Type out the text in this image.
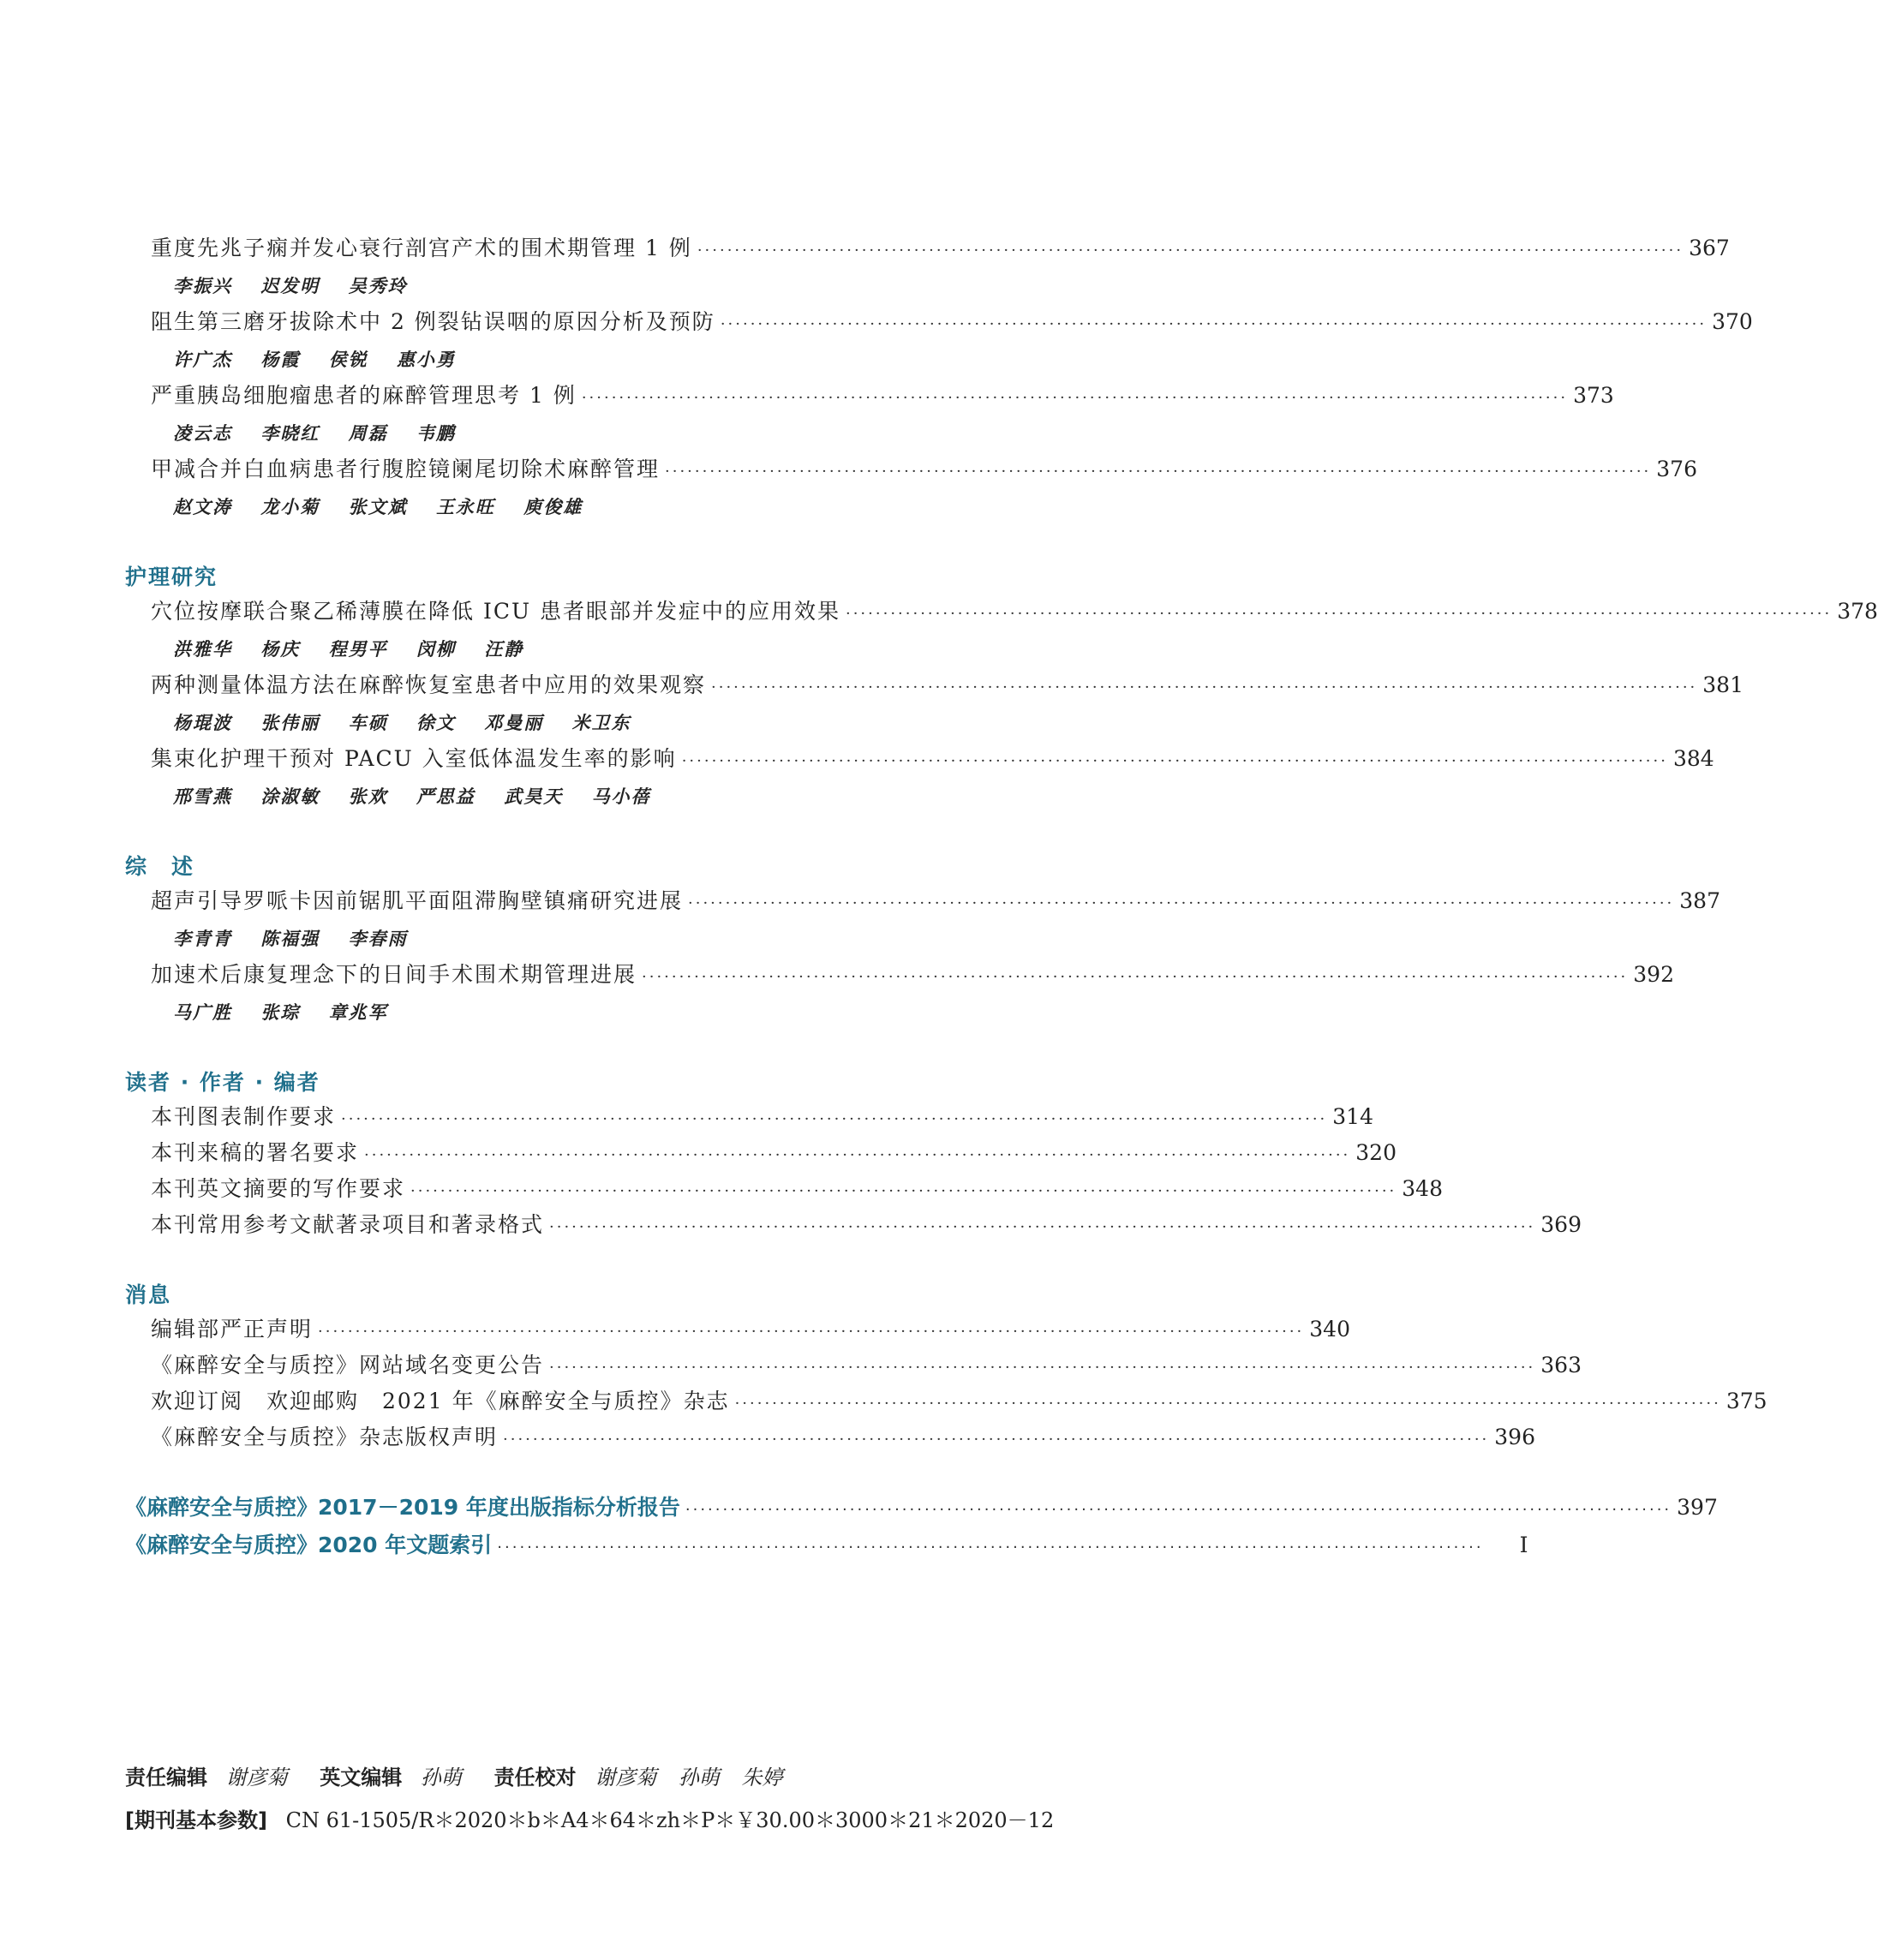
重度先兆子痫并发心衰行剖宫产术的围术期管理 1 例 ···································································································································· 367
李振兴 迟发明 吴秀玲
阻生第三磨牙拔除术中 2 例裂钻误咽的原因分析及预防 ···································································································································· 370
许广杰 杨霞 侯锐 惠小勇
严重胰岛细胞瘤患者的麻醉管理思考 1 例 ···································································································································· 373
凌云志 李晓红 周磊 韦鹏
甲减合并白血病患者行腹腔镜阑尾切除术麻醉管理 ···································································································································· 376
赵文涛 龙小菊 张文斌 王永旺 庾俊雄
护理研究
穴位按摩联合聚乙稀薄膜在降低 ICU 患者眼部并发症中的应用效果 ···································································································································· 378
洪雅华 杨庆 程男平 闵柳 汪静
两种测量体温方法在麻醉恢复室患者中应用的效果观察 ···································································································································· 381
杨琨波 张伟丽 车硕 徐文 邓曼丽 米卫东
集束化护理干预对 PACU 入室低体温发生率的影响 ···································································································································· 384
邢雪燕 涂淑敏 张欢 严思益 武昊天 马小蓓
综　述
超声引导罗哌卡因前锯肌平面阻滞胸壁镇痛研究进展 ···································································································································· 387
李青青 陈福强 李春雨
加速术后康复理念下的日间手术围术期管理进展 ···································································································································· 392
马广胜 张琮 章兆军
读者 · 作者 · 编者
本刊图表制作要求 ···································································································································· 314
本刊来稿的署名要求 ···································································································································· 320
本刊英文摘要的写作要求 ···································································································································· 348
本刊常用参考文献著录项目和著录格式 ···································································································································· 369
消息
编辑部严正声明 ···································································································································· 340
《麻醉安全与质控》网站域名变更公告 ···································································································································· 363
欢迎订阅　欢迎邮购　2021 年《麻醉安全与质控》杂志 ···································································································································· 375
《麻醉安全与质控》杂志版权声明 ···································································································································· 396
《麻醉安全与质控》2017－2019 年度出版指标分析报告 ···································································································································· 397
《麻醉安全与质控》2020 年文题索引 ····································································································································	Ⅰ
责任编辑 谢彦菊 英文编辑 孙萌 责任校对 谢彦菊 孙萌 朱婷
[期刊基本参数] CN 61-1505/R＊2020＊b＊A4＊64＊zh＊P＊￥30.00＊3000＊21＊2020－12
